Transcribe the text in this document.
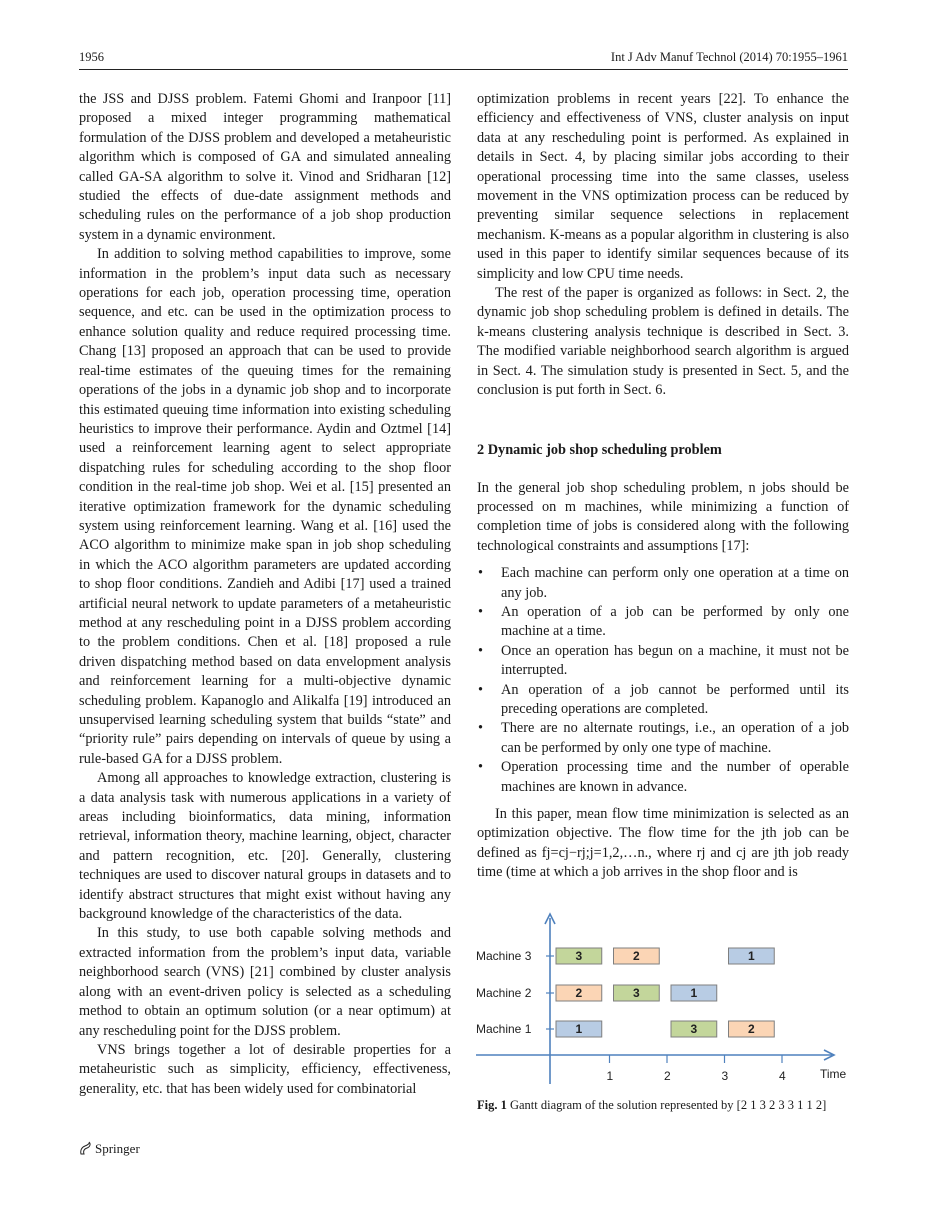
1956	Int J Adv Manuf Technol (2014) 70:1955–1961

the JSS and DJSS problem. Fatemi Ghomi and Iranpoor [11] proposed a mixed integer programming mathematical formulation of the DJSS problem and developed a metaheuristic algorithm which is composed of GA and simulated annealing called GA-SA algorithm to solve it. Vinod and Sridharan [12] studied the effects of due-date assignment methods and scheduling rules on the performance of a job shop production system in a dynamic environment.

In addition to solving method capabilities to improve, some information in the problem’s input data such as necessary operations for each job, operation processing time, operation sequence, and etc. can be used in the optimization process to enhance solution quality and reduce required processing time. Chang [13] proposed an approach that can be used to provide real-time estimates of the queuing times for the remaining operations of the jobs in a dynamic job shop and to incorporate this estimated queuing time information into existing scheduling heuristics to improve their performance. Aydin and Oztmel [14] used a reinforcement learning agent to select appropriate dispatching rules for scheduling according to the shop floor condition in the real-time job shop. Wei et al. [15] presented an iterative optimization framework for the dynamic scheduling system using reinforcement learning. Wang et al. [16] used the ACO algorithm to minimize make span in job shop scheduling in which the ACO algorithm parameters are updated according to shop floor conditions. Zandieh and Adibi [17] used a trained artificial neural network to update parameters of a metaheuristic method at any rescheduling point in a DJSS problem according to the problem conditions. Chen et al. [18] proposed a rule driven dispatching method based on data envelopment analysis and reinforcement learning for a multi-objective dynamic scheduling problem. Kapanoglo and Alikalfa [19] introduced an unsupervised learning scheduling system that builds “state” and “priority rule” pairs depending on intervals of queue by using a rule-based GA for a DJSS problem.

Among all approaches to knowledge extraction, clustering is a data analysis task with numerous applications in a variety of areas including bioinformatics, data mining, information retrieval, information theory, machine learning, object, character and pattern recognition, etc. [20]. Generally, clustering techniques are used to discover natural groups in datasets and to identify abstract structures that might exist without having any background knowledge of the characteristics of the data.

In this study, to use both capable solving methods and extracted information from the problem’s input data, variable neighborhood search (VNS) [21] combined by cluster analysis along with an event-driven policy is selected as a scheduling method to obtain an optimum solution (or a near optimum) at any rescheduling point for the DJSS problem.

VNS brings together a lot of desirable properties for a metaheuristic such as simplicity, efficiency, effectiveness, generality, etc. that has been widely used for combinatorial

optimization problems in recent years [22]. To enhance the efficiency and effectiveness of VNS, cluster analysis on input data at any rescheduling point is performed. As explained in details in Sect. 4, by placing similar jobs according to their operational processing time into the same classes, useless movement in the VNS optimization process can be reduced by preventing similar sequence selections in replacement mechanism. K-means as a popular algorithm in clustering is also used in this paper to identify similar sequences because of its simplicity and low CPU time needs.

The rest of the paper is organized as follows: in Sect. 2, the dynamic job shop scheduling problem is defined in details. The k-means clustering analysis technique is described in Sect. 3. The modified variable neighborhood search algorithm is argued in Sect. 4. The simulation study is presented in Sect. 5, and the conclusion is put forth in Sect. 6.

2 Dynamic job shop scheduling problem

In the general job shop scheduling problem, n jobs should be processed on m machines, while minimizing a function of completion time of jobs is considered along with the following technological constraints and assumptions [17]:

• Each machine can perform only one operation at a time on any job.
• An operation of a job can be performed by only one machine at a time.
• Once an operation has begun on a machine, it must not be interrupted.
• An operation of a job cannot be performed until its preceding operations are completed.
• There are no alternate routings, i.e., an operation of a job can be performed by only one type of machine.
• Operation processing time and the number of operable machines are known in advance.

In this paper, mean flow time minimization is selected as an optimization objective. The flow time for the jth job can be defined as fj=cj−rj;j=1,2,…n., where rj and cj are jth job ready time (time at which a job arrives in the shop floor and is

Machine 3
Machine 2
Machine 1
1	2	3	4	Time
3	2	1
2	3	1
1	3	2
Fig. 1 Gantt diagram of the solution represented by [2 1 3 2 3 3 1 1 2]
Springer
